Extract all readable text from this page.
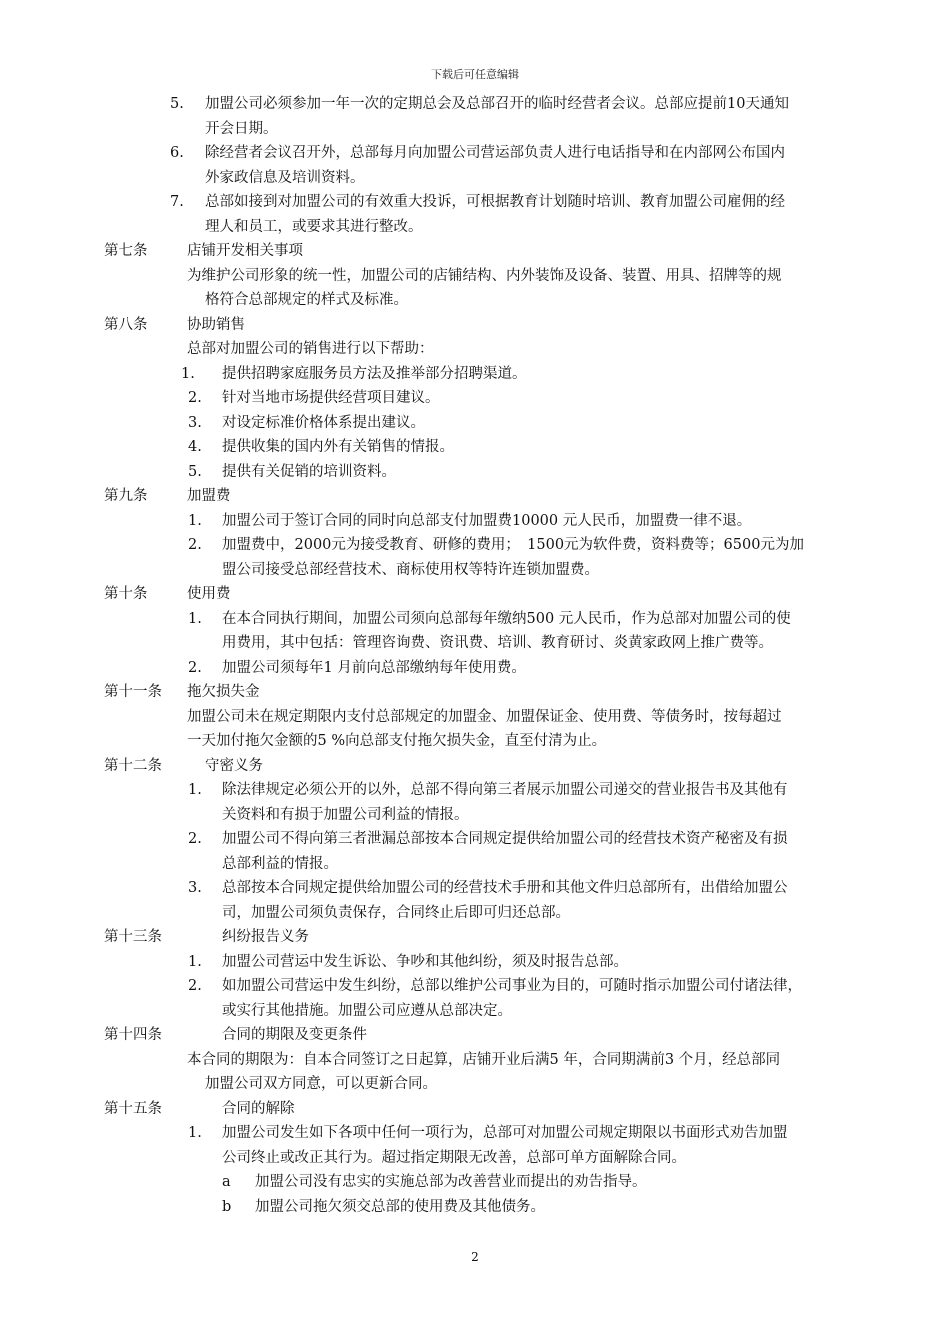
下载后可任意编辑
5. 加盟公司必须参加一年一次的定期总会及总部召开的临时经营者会议。总部应提前10天通知
开会日期。
6. 除经营者会议召开外，总部每月向加盟公司营运部负责人进行电话指导和在内部网公布国内
外家政信息及培训资料。
7. 总部如接到对加盟公司的有效重大投诉，可根据教育计划随时培训、教育加盟公司雇佣的经
理人和员工，或要求其进行整改。
第七条	店铺开发相关事项
为维护公司形象的统一性，加盟公司的店铺结构、内外装饰及设备、装置、用具、招牌等的规
格符合总部规定的样式及标准。
第八条	协助销售
总部对加盟公司的销售进行以下帮助：
1. 提供招聘家庭服务员方法及推举部分招聘渠道。
2. 针对当地市场提供经营项目建议。
3. 对设定标准价格体系提出建议。
4. 提供收集的国内外有关销售的情报。
5. 提供有关促销的培训资料。
第九条	加盟费
1. 加盟公司于签订合同的同时向总部支付加盟费10000 元人民币，加盟费一律不退。
2. 加盟费中，2000元为接受教育、研修的费用；　1500元为软件费，资料费等；6500元为加
盟公司接受总部经营技术、商标使用权等特许连锁加盟费。
第十条	使用费
1. 在本合同执行期间，加盟公司须向总部每年缴纳500 元人民币，作为总部对加盟公司的使
用费用，其中包括：管理咨询费、资讯费、培训、教育研讨、炎黄家政网上推广费等。
2. 加盟公司须每年1 月前向总部缴纳每年使用费。
第十一条 拖欠损失金
加盟公司未在规定期限内支付总部规定的加盟金、加盟保证金、使用费、等债务时，按每超过
一天加付拖欠金额的5 %向总部支付拖欠损失金，直至付清为止。
第十二条	守密义务
1. 除法律规定必须公开的以外，总部不得向第三者展示加盟公司递交的营业报告书及其他有
关资料和有损于加盟公司利益的情报。
2. 加盟公司不得向第三者泄漏总部按本合同规定提供给加盟公司的经营技术资产秘密及有损
总部利益的情报。
3. 总部按本合同规定提供给加盟公司的经营技术手册和其他文件归总部所有，出借给加盟公
司，加盟公司须负责保存，合同终止后即可归还总部。
第十三条	纠纷报告义务
1. 加盟公司营运中发生诉讼、争吵和其他纠纷，须及时报告总部。
2. 如加盟公司营运中发生纠纷，总部以维护公司事业为目的，可随时指示加盟公司付诸法律，
或实行其他措施。加盟公司应遵从总部决定。
第十四条	合同的期限及变更条件
本合同的期限为：自本合同签订之日起算，店铺开业后满5 年，合同期满前3 个月，经总部同
加盟公司双方同意，可以更新合同。
第十五条	合同的解除
1. 加盟公司发生如下各项中任何一项行为，总部可对加盟公司规定期限以书面形式劝告加盟
公司终止或改正其行为。超过指定期限无改善，总部可单方面解除合同。
a 加盟公司没有忠实的实施总部为改善营业而提出的劝告指导。
b 加盟公司拖欠须交总部的使用费及其他债务。
2
